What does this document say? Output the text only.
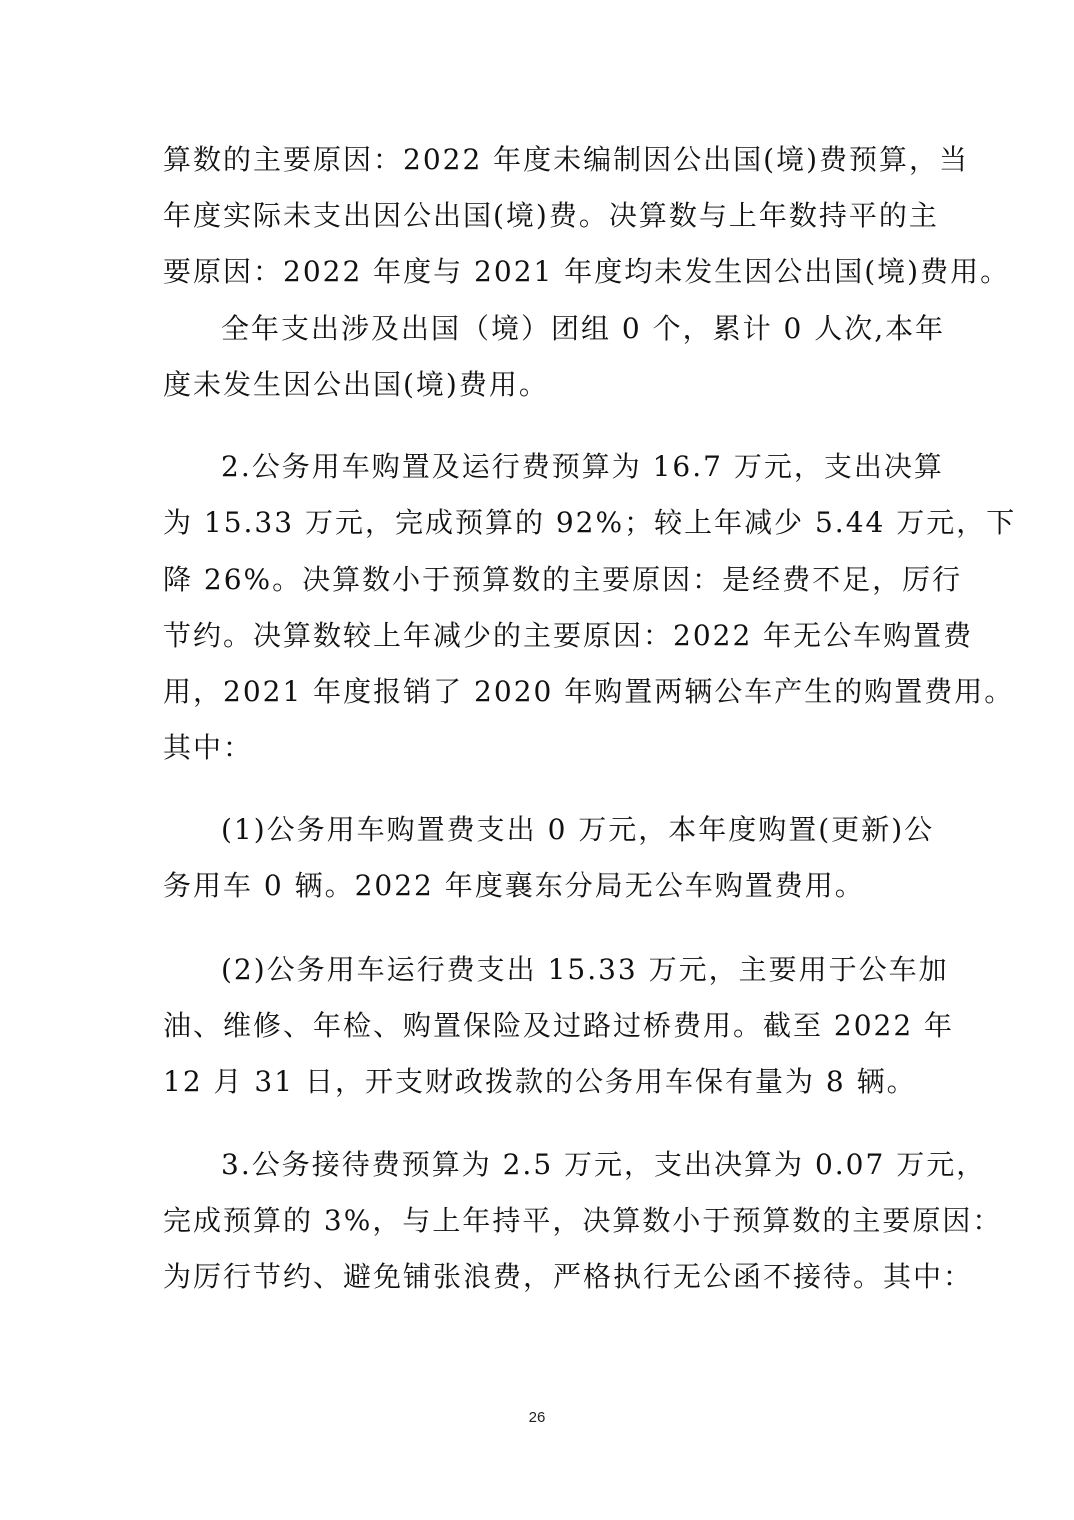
算数的主要原因：2022 年度未编制因公出国(境)费预算，当
年度实际未支出因公出国(境)费。决算数与上年数持平的主
要原因：2022 年度与 2021 年度均未发生因公出国(境)费用。
全年支出涉及出国（境）团组 0 个，累计 0 人次,本年
度未发生因公出国(境)费用。
2.公务用车购置及运行费预算为 16.7 万元，支出决算
为 15.33 万元，完成预算的 92%；较上年减少 5.44 万元，下
降 26%。决算数小于预算数的主要原因：是经费不足，厉行
节约。决算数较上年减少的主要原因：2022 年无公车购置费
用，2021 年度报销了 2020 年购置两辆公车产生的购置费用。
其中：
(1)公务用车购置费支出 0 万元，本年度购置(更新)公
务用车 0 辆。2022 年度襄东分局无公车购置费用。
(2)公务用车运行费支出 15.33 万元，主要用于公车加
油、维修、年检、购置保险及过路过桥费用。截至 2022 年
12 月 31 日，开支财政拨款的公务用车保有量为 8 辆。
3.公务接待费预算为 2.5 万元，支出决算为 0.07 万元，
完成预算的 3%，与上年持平，决算数小于预算数的主要原因：
为厉行节约、避免铺张浪费，严格执行无公函不接待。其中：
26
